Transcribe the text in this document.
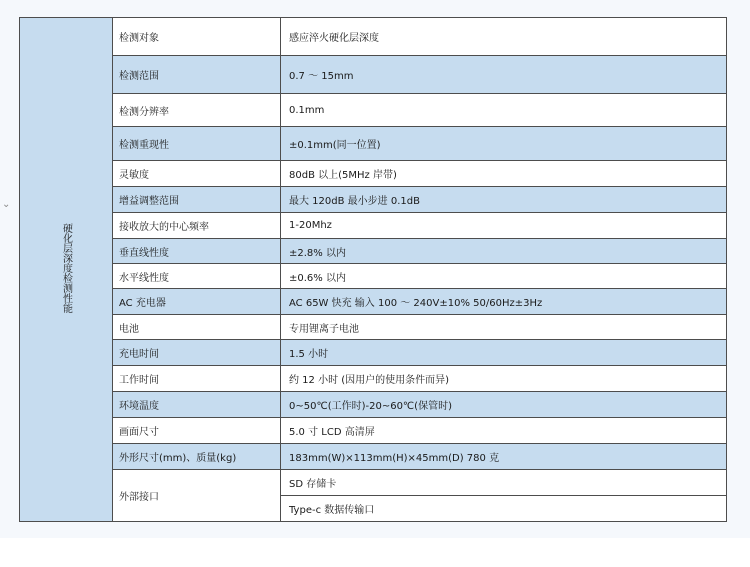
⌄
硬化层深度检测性能	检测对象	感应淬火硬化层深度
	检测范围	0.7 ～ 15mm
	检测分辨率	0.1mm
	检测重现性	±0.1mm(同一位置)
	灵敏度	80dB 以上(5MHz 岸带)
	增益调整范围	最大 120dB 最小步进 0.1dB
	接收放大的中心频率	1-20Mhz
	垂直线性度	±2.8% 以内
	水平线性度	±0.6% 以内
	AC 充电器	AC 65W 快充 输入 100 ～ 240V±10% 50/60Hz±3Hz
	电池	专用锂离子电池
	充电时间	1.5 小时
	工作时间	约 12 小时 (因用户的使用条件而异)
	环境温度	0~50℃(工作时)-20~60℃(保管时)
	画面尺寸	5.0 寸 LCD 高清屏
	外形尺寸(mm)、质量(kg)	183mm(W)×113mm(H)×45mm(D) 780 克
	外部接口	SD 存储卡
		Type-c 数据传输口
